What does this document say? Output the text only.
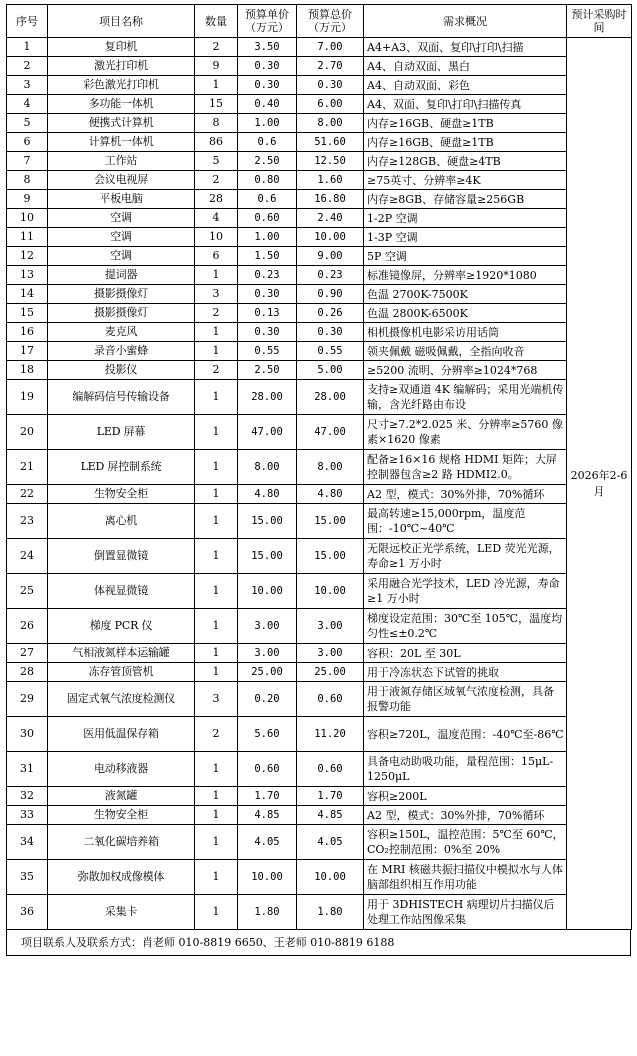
序号	项目名称	数量	预算单价（万元）	预算总价（万元）	需求概况	预计采购时间
1	复印机	2	3.50	7.00	A4+A3、双面、复印\打印\扫描	2026年2-6月
2	激光打印机	9	0.30	2.70	A4、自动双面、黑白	
3	彩色激光打印机	1	0.30	0.30	A4、自动双面、彩色	
4	多功能一体机	15	0.40	6.00	A4、双面、复印\打印\扫描传真	
5	便携式计算机	8	1.00	8.00	内存≥16GB、硬盘≥1TB	
6	计算机一体机	86	0.6	51.60	内存≥16GB、硬盘≥1TB	
7	工作站	5	2.50	12.50	内存≥128GB、硬盘≥4TB	
8	会议电视屏	2	0.80	1.60	≥75英寸、分辨率≥4K	
9	平板电脑	28	0.6	16.80	内存≥8GB、存储容量≥256GB	
10	空调	4	0.60	2.40	1-2P 空调	
11	空调	10	1.00	10.00	1-3P 空调	
12	空调	6	1.50	9.00	5P 空调	
13	提词器	1	0.23	0.23	标准镜像屏，分辨率≥1920*1080	
14	摄影摄像灯	3	0.30	0.90	色温 2700K-7500K	
15	摄影摄像灯	2	0.13	0.26	色温 2800K-6500K	
16	麦克风	1	0.30	0.30	相机摄像机电影采访用话筒	
17	录音小蜜蜂	1	0.55	0.55	领夹佩戴 磁吸佩戴，全指向收音	
18	投影仪	2	2.50	5.00	≥5200 流明、分辨率≥1024*768	
19	编解码信号传输设备	1	28.00	28.00	支持≥双通道 4K 编解码；采用光端机传输，含光纤路由布设	
20	LED 屏幕	1	47.00	47.00	尺寸≥7.2*2.025 米、分辨率≥5760 像素×1620 像素	
21	LED 屏控制系统	1	8.00	8.00	配备≥16×16 规格 HDMI 矩阵；大屏控制器包含≥2 路 HDMI2.0。	
22	生物安全柜	1	4.80	4.80	A2 型，模式：30%外排，70%循环	
23	离心机	1	15.00	15.00	最高转速≥15,000rpm，温度范围：-10℃~40℃	
24	倒置显微镜	1	15.00	15.00	无限远校正光学系统，LED 荧光光源，寿命≥1 万小时	
25	体视显微镜	1	10.00	10.00	采用融合光学技术，LED 冷光源，寿命≥1 万小时	
26	梯度 PCR 仪	1	3.00	3.00	梯度设定范围：30℃至 105℃，温度均匀性≤±0.2℃	
27	气相液氮样本运输罐	1	3.00	3.00	容积：20L 至 30L	
28	冻存管顶管机	1	25.00	25.00	用于冷冻状态下试管的挑取	
29	固定式氧气浓度检测仪	3	0.20	0.60	用于液氮存储区域氧气浓度检测，具备报警功能	
30	医用低温保存箱	2	5.60	11.20	容积≥720L，温度范围：-40℃至-86℃	
31	电动移液器	1	0.60	0.60	具备电动助吸功能，量程范围：15μL-1250μL	
32	液氮罐	1	1.70	1.70	容积≥200L	
33	生物安全柜	1	4.85	4.85	A2 型，模式：30%外排，70%循环	
34	二氧化碳培养箱	1	4.05	4.05	容积≥150L，温控范围：5℃至 60℃，CO₂控制范围：0%至 20%	
35	弥散加权成像模体	1	10.00	10.00	在 MRI 核磁共振扫描仪中模拟水与人体脑部组织相互作用功能	
36	采集卡	1	1.80	1.80	用于 3DHISTECH 病理切片扫描仪后处理工作站图像采集	
项目联系人及联系方式：肖老师 010-8819 6650、王老师 010-8819 6188
